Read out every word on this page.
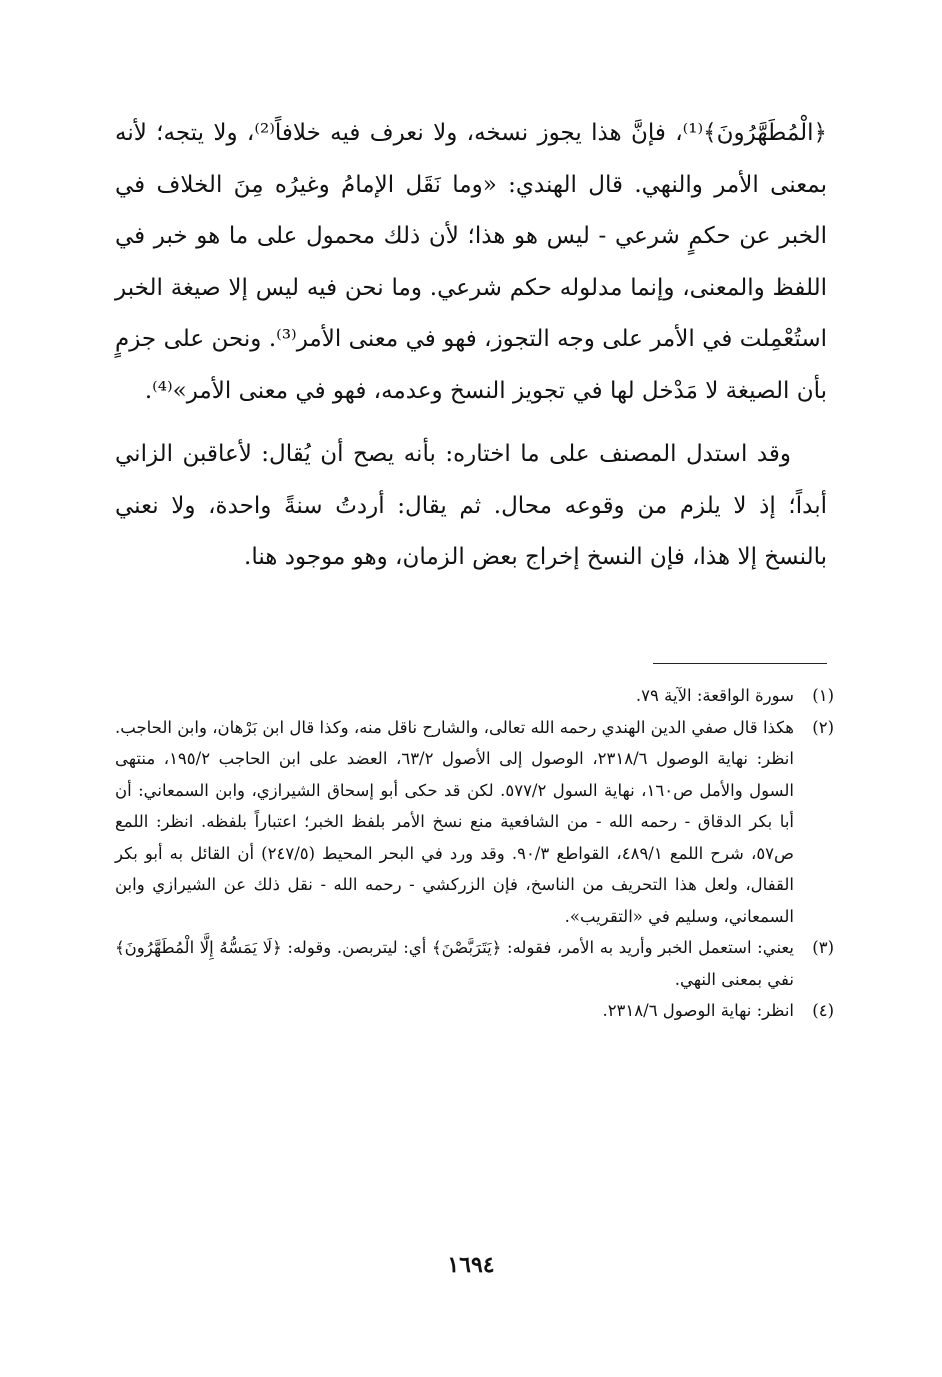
﴿الْمُطَهَّرُونَ﴾⁽¹⁾، فإنَّ هذا يجوز نسخه، ولا نعرف فيه خلافاً⁽²⁾، ولا يتجه؛ لأنه بمعنى الأمر والنهي. قال الهندي: «وما نَقَل الإمامُ وغيرُه مِنَ الخلاف في الخبر عن حكمٍ شرعي - ليس هو هذا؛ لأن ذلك محمول على ما هو خبر في اللفظ والمعنى، وإنما مدلوله حكم شرعي. وما نحن فيه ليس إلا صيغة الخبر استُعْمِلت في الأمر على وجه التجوز، فهو في معنى الأمر⁽³⁾. ونحن على جزمٍ بأن الصيغة لا مَدْخل لها في تجويز النسخ وعدمه، فهو في معنى الأمر»⁽⁴⁾.

وقد استدل المصنف على ما اختاره: بأنه يصح أن يُقال: لأعاقبن الزاني أبداً؛ إذ لا يلزم من وقوعه محال. ثم يقال: أردتُ سنةً واحدة، ولا نعني بالنسخ إلا هذا، فإن النسخ إخراج بعض الزمان، وهو موجود هنا.

(١)
سورة الواقعة: الآية ٧٩.
(٢)
هكذا قال صفي الدين الهندي رحمه الله تعالى، والشارح ناقل منه، وكذا قال ابن بَرْهان، وابن الحاجب. انظر: نهاية الوصول ٢٣١٨/٦، الوصول إلى الأصول ٦٣/٢، العضد على ابن الحاجب ١٩٥/٢، منتهى السول والأمل ص١٦٠، نهاية السول ٥٧٧/٢. لكن قد حكى أبو إسحاق الشيرازي، وابن السمعاني: أن أبا بكر الدقاق - رحمه الله - من الشافعية منع نسخ الأمر بلفظ الخبر؛ اعتباراً بلفظه. انظر: اللمع ص٥٧، شرح اللمع ٤٨٩/١، القواطع ٩٠/٣. وقد ورد في البحر المحيط (٢٤٧/٥) أن القائل به أبو بكر القفال، ولعل هذا التحريف من الناسخ، فإن الزركشي - رحمه الله - نقل ذلك عن الشيرازي وابن السمعاني، وسليم في «التقريب».
(٣)
يعني: استعمل الخبر وأريد به الأمر، فقوله: ﴿يَتَرَبَّصْنَ﴾ أي: ليتربصن. وقوله: ﴿لَا يَمَسُّهُ إِلَّا الْمُطَهَّرُونَ﴾ نفي بمعنى النهي.
(٤)
انظر: نهاية الوصول ٢٣١٨/٦.
١٦٩٤
